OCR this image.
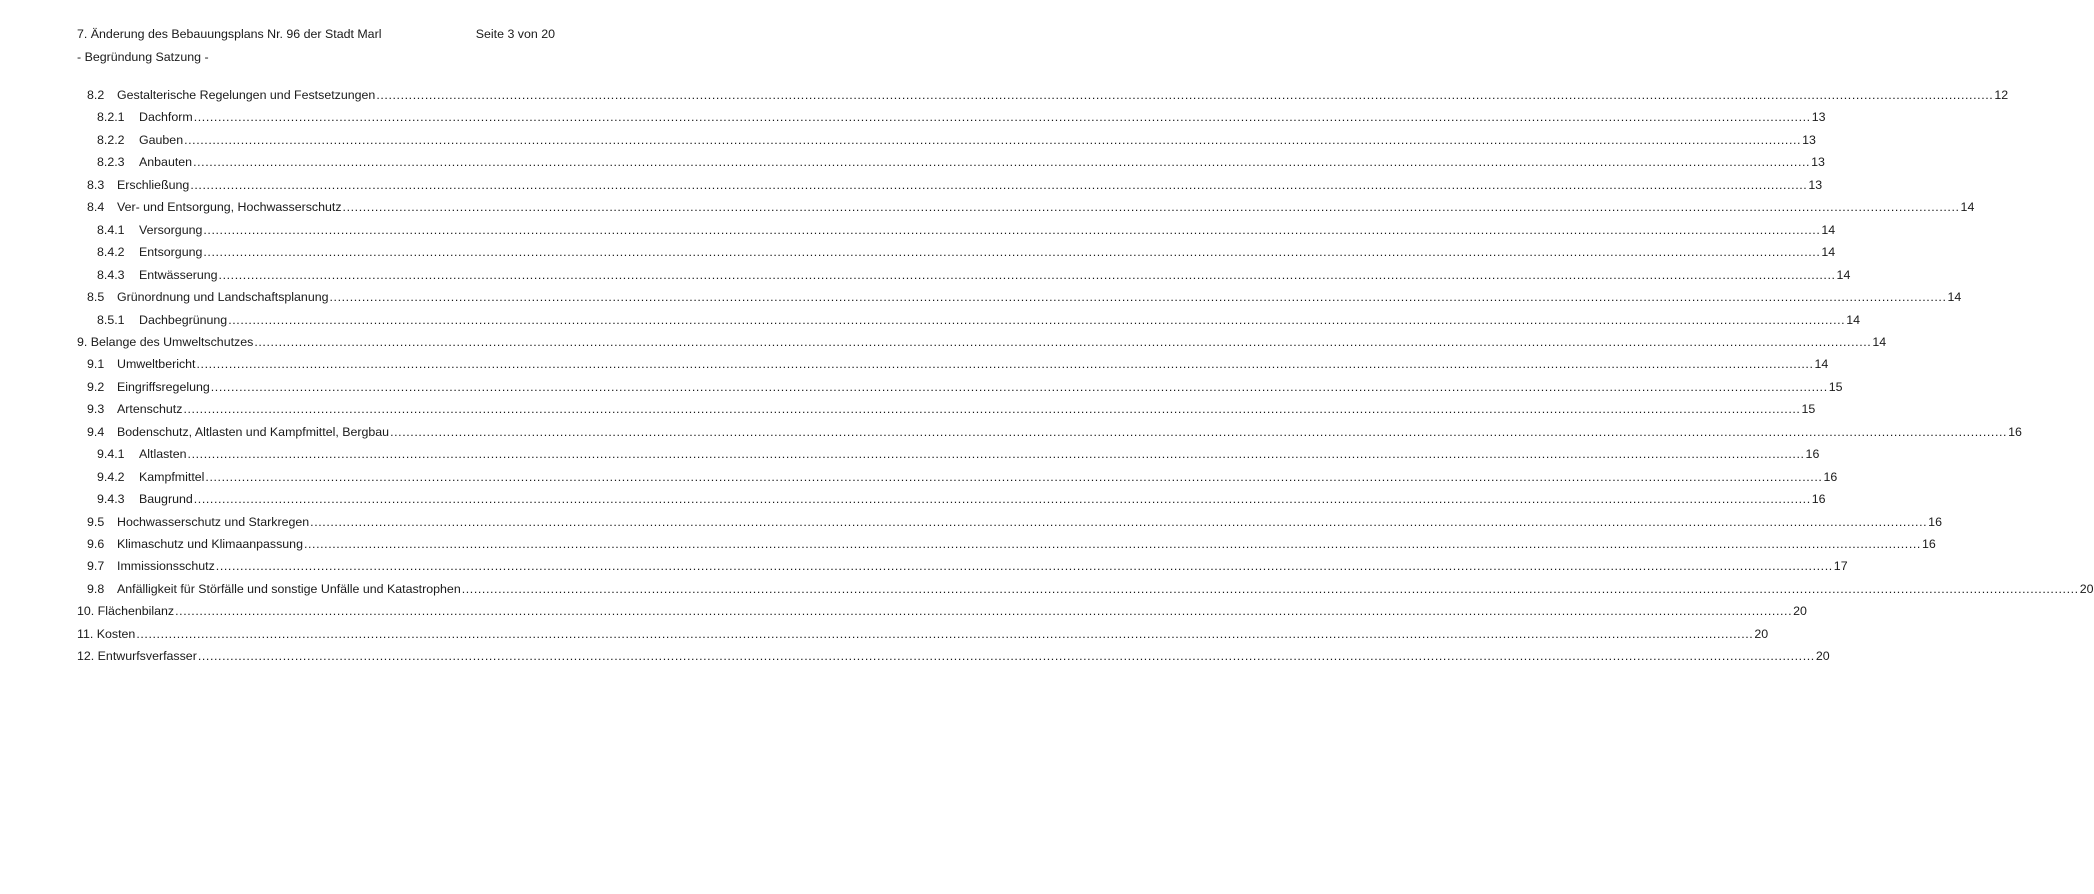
7. Änderung des Bebauungsplans Nr. 96 der Stadt Marl	Seite 3 von 20
- Begründung Satzung -
8.2	Gestalterische Regelungen und Festsetzungen ................................................................................................................................................................................................................................................................................................................................................................................................................ 12
8.2.1	Dachform ................................................................................................................................................................................................................................................................................................................................................................................................................ 13
8.2.2	Gauben ................................................................................................................................................................................................................................................................................................................................................................................................................ 13
8.2.3	Anbauten ................................................................................................................................................................................................................................................................................................................................................................................................................ 13
8.3	Erschließung ................................................................................................................................................................................................................................................................................................................................................................................................................ 13
8.4	Ver- und Entsorgung, Hochwasserschutz ................................................................................................................................................................................................................................................................................................................................................................................................................ 14
8.4.1	Versorgung ................................................................................................................................................................................................................................................................................................................................................................................................................ 14
8.4.2	Entsorgung ................................................................................................................................................................................................................................................................................................................................................................................................................ 14
8.4.3	Entwässerung ................................................................................................................................................................................................................................................................................................................................................................................................................ 14
8.5	Grünordnung und Landschaftsplanung ................................................................................................................................................................................................................................................................................................................................................................................................................ 14
8.5.1	Dachbegrünung ................................................................................................................................................................................................................................................................................................................................................................................................................ 14
9. Belange des Umweltschutzes ................................................................................................................................................................................................................................................................................................................................................................................................................ 14
9.1	Umweltbericht ................................................................................................................................................................................................................................................................................................................................................................................................................ 14
9.2	Eingriffsregelung ................................................................................................................................................................................................................................................................................................................................................................................................................ 15
9.3	Artenschutz ................................................................................................................................................................................................................................................................................................................................................................................................................ 15
9.4	Bodenschutz, Altlasten und Kampfmittel, Bergbau ................................................................................................................................................................................................................................................................................................................................................................................................................ 16
9.4.1	Altlasten ................................................................................................................................................................................................................................................................................................................................................................................................................ 16
9.4.2	Kampfmittel ................................................................................................................................................................................................................................................................................................................................................................................................................ 16
9.4.3	Baugrund ................................................................................................................................................................................................................................................................................................................................................................................................................ 16
9.5	Hochwasserschutz und Starkregen ................................................................................................................................................................................................................................................................................................................................................................................................................ 16
9.6	Klimaschutz und Klimaanpassung ................................................................................................................................................................................................................................................................................................................................................................................................................ 16
9.7	Immissionsschutz ................................................................................................................................................................................................................................................................................................................................................................................................................ 17
9.8	Anfälligkeit für Störfälle und sonstige Unfälle und Katastrophen ................................................................................................................................................................................................................................................................................................................................................................................................................ 20
10. Flächenbilanz ................................................................................................................................................................................................................................................................................................................................................................................................................ 20
11. Kosten ................................................................................................................................................................................................................................................................................................................................................................................................................ 20
12. Entwurfsverfasser ................................................................................................................................................................................................................................................................................................................................................................................................................ 20
